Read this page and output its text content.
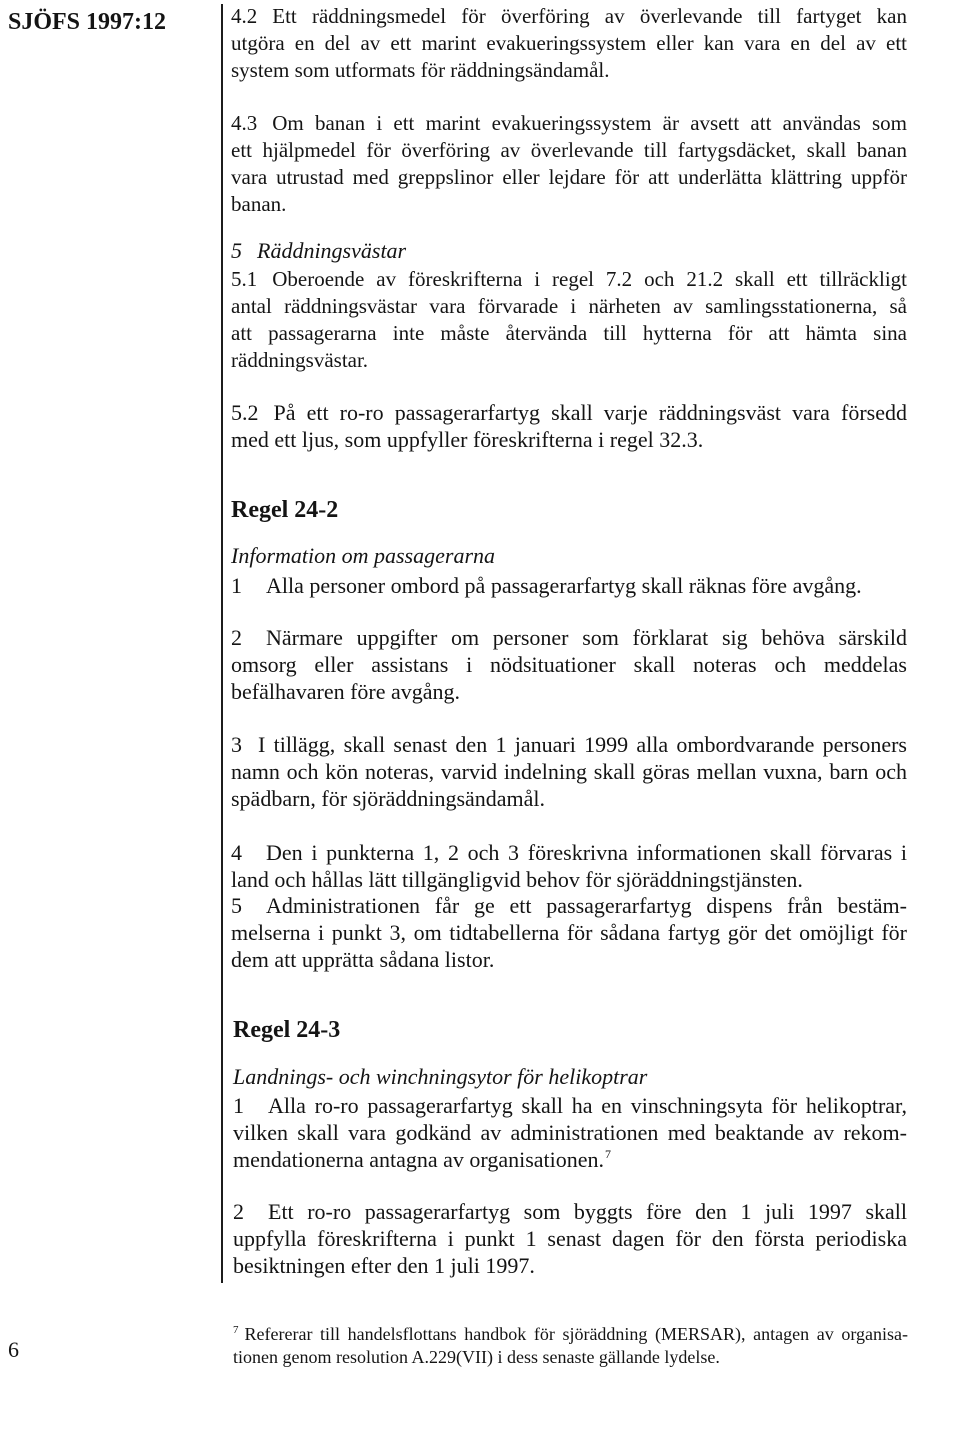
SJÖFS 1997:12	4.2 Ett räddningsmedel för överföring av överlevande till fartyget kan
utgöra en del av ett marint evakueringssystem eller kan vara en del av ett
system som utformats för räddningsändamål.
4.3 Om banan i ett marint evakueringssystem är avsett att användas som
ett hjälpmedel för överföring av överlevande till fartygsdäcket, skall banan
vara utrustad med greppslinor eller lejdare för att underlätta klättring uppför
banan.
5 Räddningsvästar
5.1 Oberoende av föreskrifterna i regel 7.2 och 21.2 skall ett tillräckligt
antal räddningsvästar vara förvarade i närheten av samlingsstationerna, så
att passagerarna inte måste återvända till hytterna för att hämta sina
räddningsvästar.
5.2 På ett ro-ro passagerarfartyg skall varje räddningsväst vara försedd
med ett ljus, som uppfyller föreskrifterna i regel 32.3.
Regel 24-2
Information om passagerarna
1 Alla personer ombord på passagerarfartyg skall räknas före avgång.
2 Närmare uppgifter om personer som förklarat sig behöva särskild
omsorg eller assistans i nödsituationer skall noteras och meddelas
befälhavaren före avgång.
3 I tillägg, skall senast den 1 januari 1999 alla ombordvarande personers
namn och kön noteras, varvid indelning skall göras mellan vuxna, barn och
spädbarn, för sjöräddningsändamål.
4 Den i punkterna 1, 2 och 3 föreskrivna informationen skall förvaras i
land och hållas lätt tillgängligvid behov för sjöräddningstjänsten.
5 Administrationen får ge ett passagerarfartyg dispens från bestäm-
melserna i punkt 3, om tidtabellerna för sådana fartyg gör det omöjligt för
dem att upprätta sådana listor.
Regel 24-3
Landnings- och winchningsytor för helikoptrar
1 Alla ro-ro passagerarfartyg skall ha en vinschningsyta för helikoptrar,
vilken skall vara godkänd av administrationen med beaktande av rekom-
mendationerna antagna av organisationen.$^7$
2 Ett ro-ro passagerarfartyg som byggts före den 1 juli 1997 skall
uppfylla föreskrifterna i punkt 1 senast dagen för den första periodiska
besiktningen efter den 1 juli 1997.
7 Refererar till handelsflottans handbok för sjöräddning (MERSAR), antagen av organisa-
tionen genom resolution A.229(VII) i dess senaste gällande lydelse.
6
